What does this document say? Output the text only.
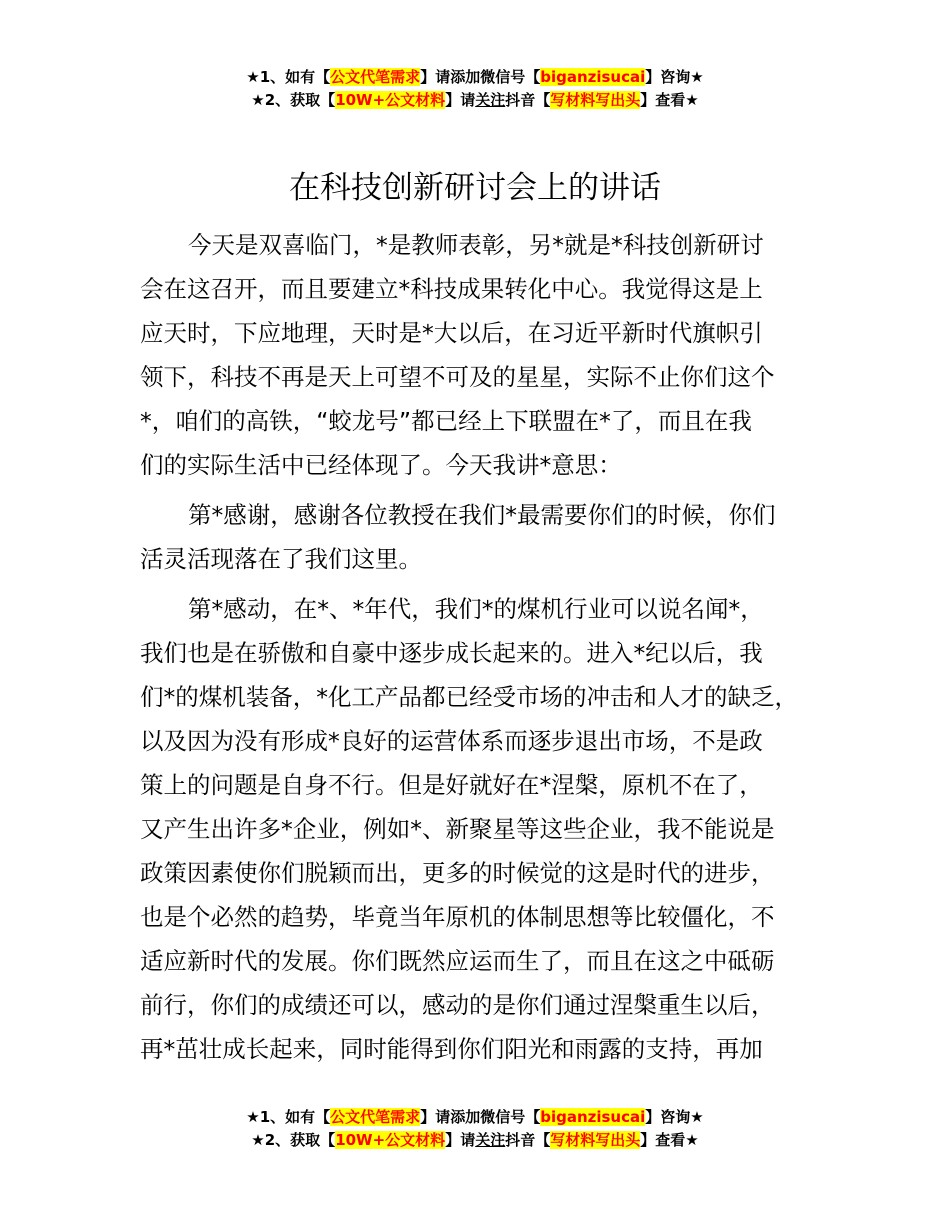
★1、如有【公文代笔需求】请添加微信号【biganzisucai】咨询★
★2、获取【10W+公文材料】请关注抖音【写材料写出头】查看★
在科技创新研讨会上的讲话
今天是双喜临门，*是教师表彰，另*就是*科技创新研讨
会在这召开，而且要建立*科技成果转化中心。我觉得这是上
应天时，下应地理，天时是*大以后，在习近平新时代旗帜引
领下，科技不再是天上可望不可及的星星，实际不止你们这个
*，咱们的高铁，“蛟龙号”都已经上下联盟在*了，而且在我
们的实际生活中已经体现了。今天我讲*意思：
第*感谢，感谢各位教授在我们*最需要你们的时候，你们
活灵活现落在了我们这里。
第*感动，在*、*年代，我们*的煤机行业可以说名闻*，
我们也是在骄傲和自豪中逐步成长起来的。进入*纪以后，我
们*的煤机装备，*化工产品都已经受市场的冲击和人才的缺乏，
以及因为没有形成*良好的运营体系而逐步退出市场，不是政
策上的问题是自身不行。但是好就好在*涅槃，原机不在了，
又产生出许多*企业，例如*、新聚星等这些企业，我不能说是
政策因素使你们脱颖而出，更多的时候觉的这是时代的进步，
也是个必然的趋势，毕竟当年原机的体制思想等比较僵化，不
适应新时代的发展。你们既然应运而生了，而且在这之中砥砺
前行，你们的成绩还可以，感动的是你们通过涅槃重生以后，
再*茁壮成长起来，同时能得到你们阳光和雨露的支持，再加
★1、如有【公文代笔需求】请添加微信号【biganzisucai】咨询★
★2、获取【10W+公文材料】请关注抖音【写材料写出头】查看★
